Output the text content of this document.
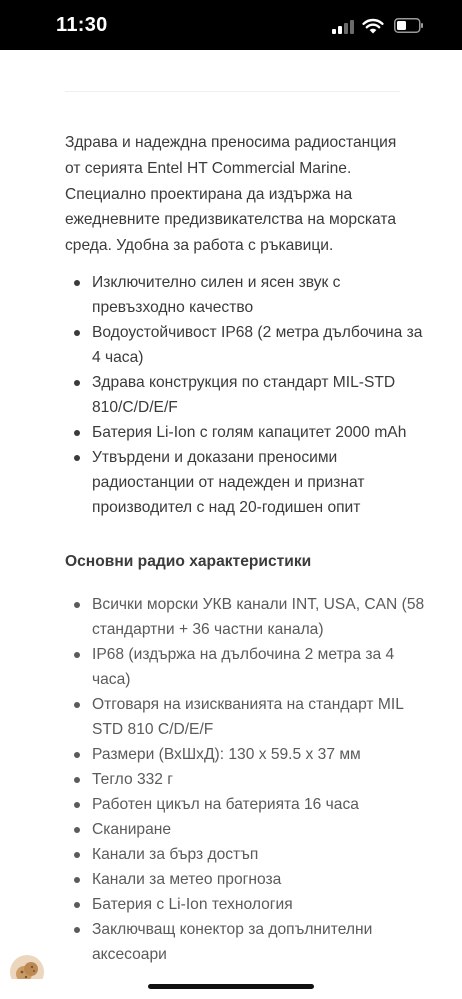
11:30
Здрава и надеждна преносима радиостанция от серията Entel HT Commercial Marine. Специално проектирана да издържа на ежедневните предизвикателства на морската среда. Удобна за работа с ръкавици.
Изключително силен и ясен звук с превъзходно качество
Водоустойчивост IP68 (2 метра дълбочина за 4 часа)
Здрава конструкция по стандарт MIL-STD 810/C/D/E/F
Батерия Li-Ion с голям капацитет 2000 mAh
Утвърдени и доказани преносими радиостанции от надежден и признат производител с над 20-годишен опит
Основни радио характеристики
Всички морски УКВ канали INT, USA, CAN (58 стандартни + 36 частни канала)
IP68 (издържа на дълбочина 2 метра за 4 часа)
Отговаря на изискванията на стандарт MIL STD 810 C/D/E/F
Размери (ВхШхД): 130 x 59.5 x 37 мм
Тегло 332 г
Работен цикъл на батерията 16 часа
Сканиране
Канали за бърз достъп
Канали за метео прогноза
Батерия с Li-Ion технология
Заключващ конектор за допълнителни аксесоари
